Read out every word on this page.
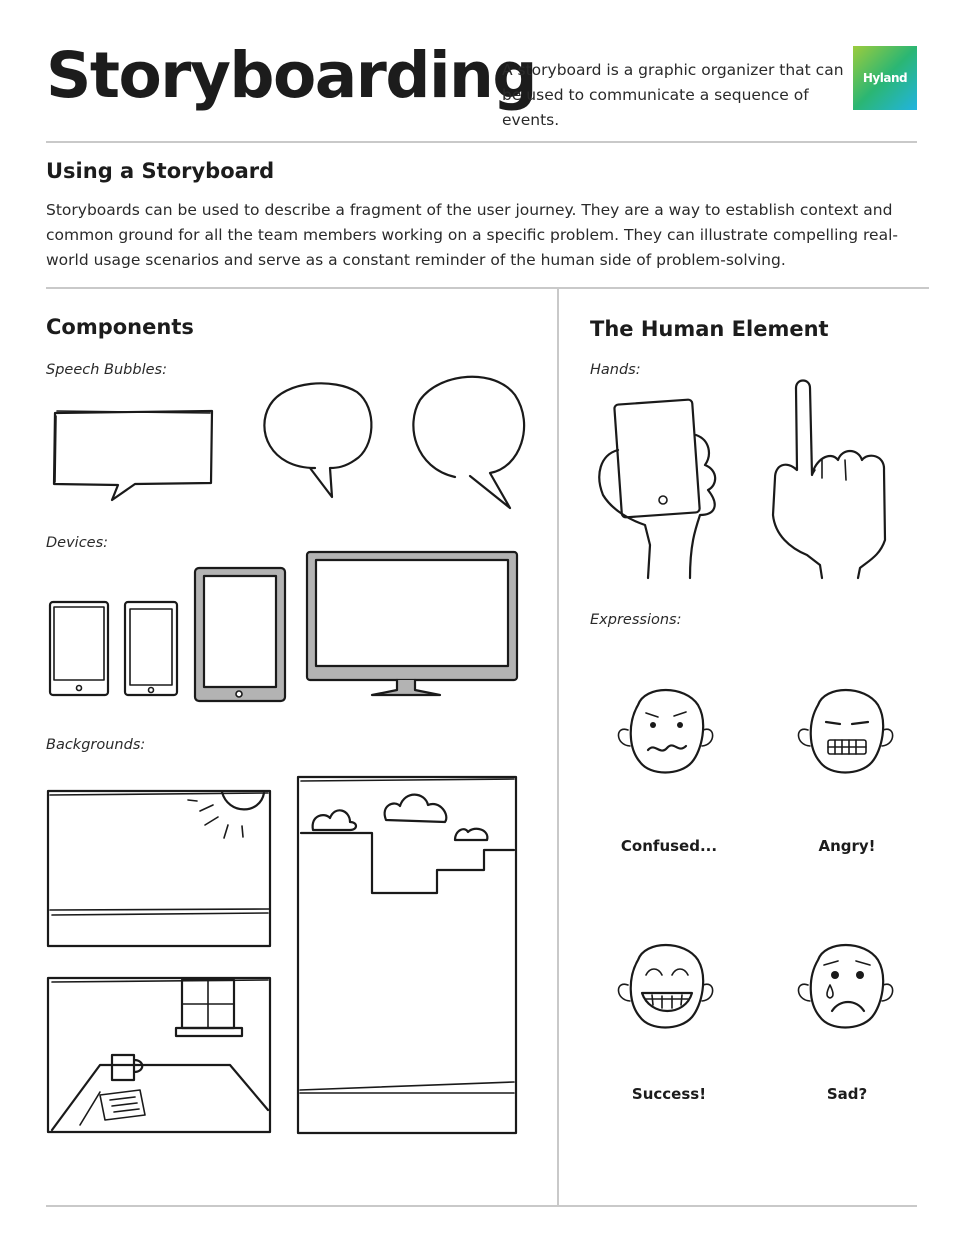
Storyboarding
A storyboard is a graphic organizer that can be used to communicate a sequence of events.
Hyland
Using a Storyboard
Storyboards can be used to describe a fragment of the user journey. They are a way to establish context and common ground for all the team members working on a specific problem. They can illustrate compelling real-world usage scenarios and serve as a constant reminder of the human side of problem-solving.
Components
Speech Bubbles:
Devices:
Backgrounds:
The Human Element
Hands:
Expressions:
Confused...	Angry!
Success!	Sad?
